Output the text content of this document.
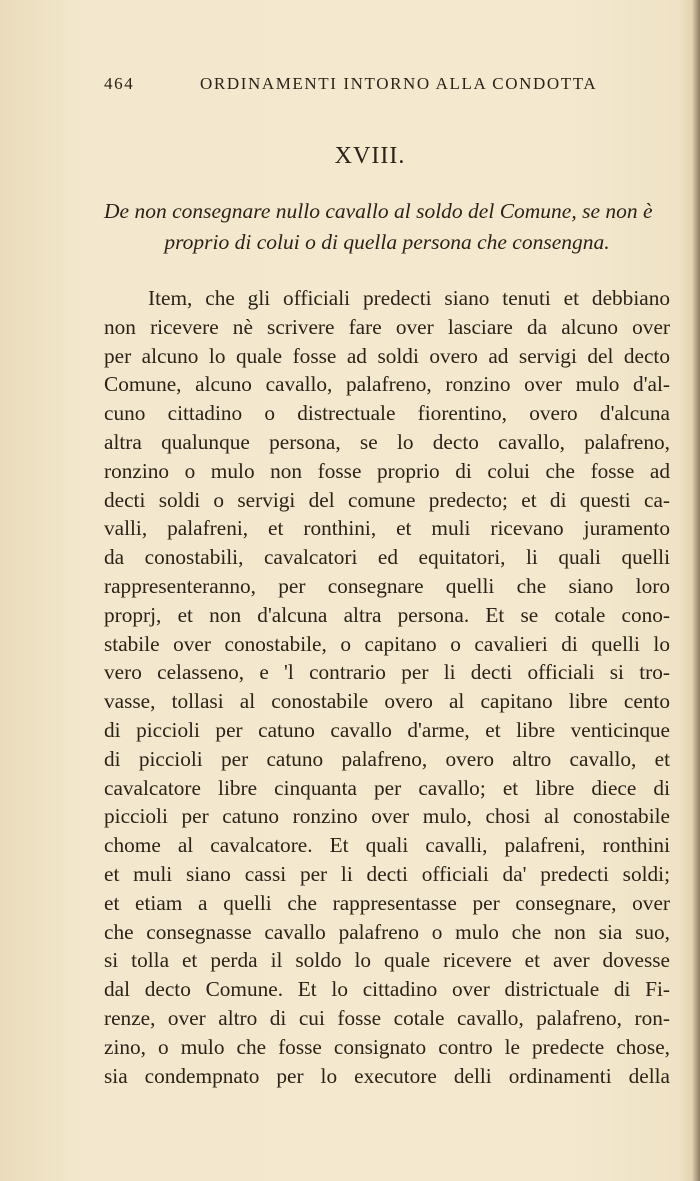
464	ORDINAMENTI INTORNO ALLA CONDOTTA
XVIII.
De non consegnare nullo cavallo al soldo del Comune, se non è
proprio di colui o di quella persona che consengna.
Item, che gli officiali predecti siano tenuti et debbiano
non ricevere nè scrivere fare over lasciare da alcuno over
per alcuno lo quale fosse ad soldi overo ad servigi del decto
Comune, alcuno cavallo, palafreno, ronzino over mulo d'al-
cuno cittadino o distrectuale fiorentino, overo d'alcuna
altra qualunque persona, se lo decto cavallo, palafreno,
ronzino o mulo non fosse proprio di colui che fosse ad
decti soldi o servigi del comune predecto; et di questi ca-
valli, palafreni, et ronthini, et muli ricevano juramento
da conostabili, cavalcatori ed equitatori, li quali quelli
rappresenteranno, per consegnare quelli che siano loro
proprj, et non d'alcuna altra persona. Et se cotale cono-
stabile over conostabile, o capitano o cavalieri di quelli lo
vero celasseno, e 'l contrario per li decti officiali si tro-
vasse, tollasi al conostabile overo al capitano libre cento
di piccioli per catuno cavallo d'arme, et libre venticinque
di piccioli per catuno palafreno, overo altro cavallo, et
cavalcatore libre cinquanta per cavallo; et libre diece di
piccioli per catuno ronzino over mulo, chosi al conostabile
chome al cavalcatore. Et quali cavalli, palafreni, ronthini
et muli siano cassi per li decti officiali da' predecti soldi;
et etiam a quelli che rappresentasse per consegnare, over
che consegnasse cavallo palafreno o mulo che non sia suo,
si tolla et perda il soldo lo quale ricevere et aver dovesse
dal decto Comune. Et lo cittadino over districtuale di Fi-
renze, over altro di cui fosse cotale cavallo, palafreno, ron-
zino, o mulo che fosse consignato contro le predecte chose,
sia condempnato per lo executore delli ordinamenti della
